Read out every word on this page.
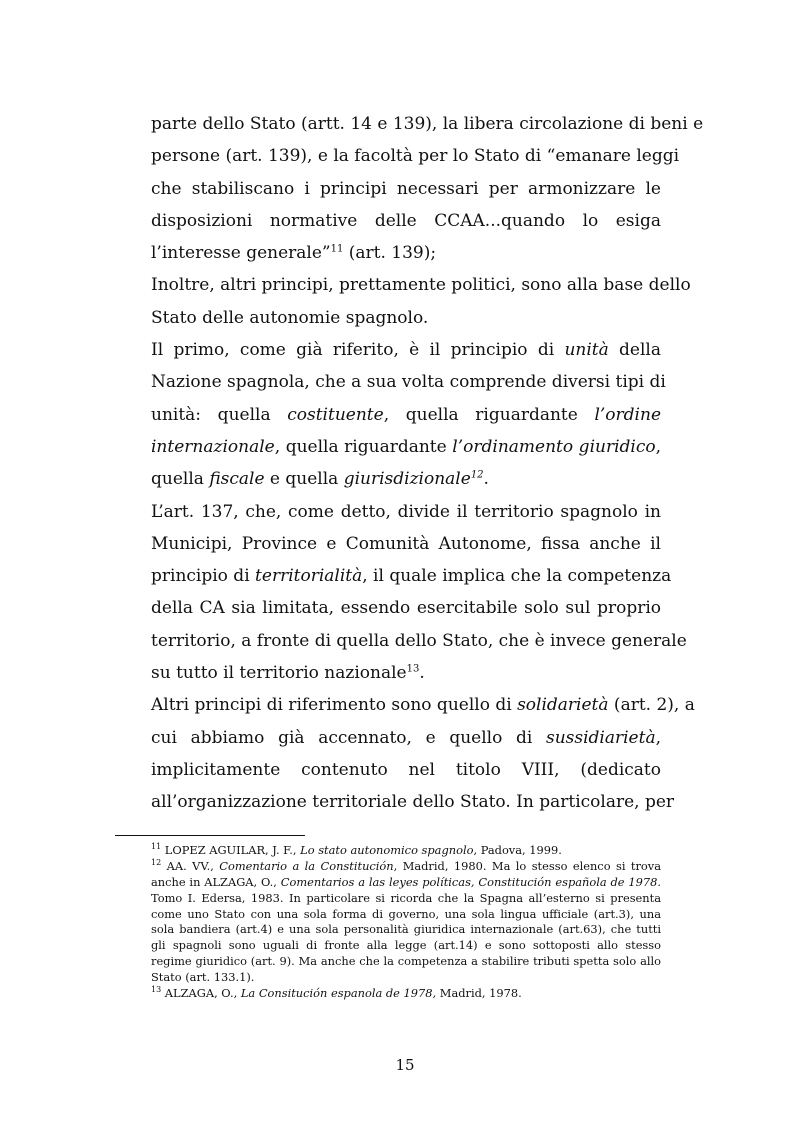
parte dello Stato (artt. 14 e 139), la libera circolazione di beni e
persone (art. 139), e la facoltà per lo Stato di “emanare leggi
che stabiliscano i principi necessari per armonizzare le
disposizioni normative delle CCAA...quando lo esiga
l’interesse generale”$^{11}$ (art. 139);
Inoltre, altri principi, prettamente politici, sono alla base dello
Stato delle autonomie spagnolo.
Il primo, come già riferito, è il principio di unità della
Nazione spagnola, che a sua volta comprende diversi tipi di
unità: quella costituente, quella riguardante l’ordine
internazionale, quella riguardante l’ordinamento giuridico,
quella fiscale e quella giurisdizionale$^{12}$.
L’art. 137, che, come detto, divide il territorio spagnolo in
Municipi, Province e Comunità Autonome, fissa anche il
principio di territorialità, il quale implica che la competenza
della CA sia limitata, essendo esercitabile solo sul proprio
territorio, a fronte di quella dello Stato, che è invece generale
su tutto il territorio nazionale$^{13}$.
Altri principi di riferimento sono quello di solidarietà (art. 2), a
cui abbiamo già accennato, e quello di sussidiarietà,
implicitamente contenuto nel titolo VIII, (dedicato
all’organizzazione territoriale dello Stato. In particolare, per
$^{11}$ LOPEZ AGUILAR, J. F., Lo stato autonomico spagnolo, Padova, 1999.
$^{12}$ AA. VV., Comentario a la Constitución, Madrid, 1980. Ma lo stesso elenco si trova
anche in ALZAGA, O., Comentarios a las leyes políticas, Constitución española de 1978.
Tomo I. Edersa, 1983. In particolare si ricorda che la Spagna all’esterno si presenta
come uno Stato con una sola forma di governo, una sola lingua ufficiale (art.3), una
sola bandiera (art.4) e una sola personalità giuridica internazionale (art.63), che tutti
gli spagnoli sono uguali di fronte alla legge (art.14) e sono sottoposti allo stesso
regime giuridico (art. 9). Ma anche che la competenza a stabilire tributi spetta solo allo
Stato (art. 133.1).
$^{13}$ ALZAGA, O., La Consitución espanola de 1978, Madrid, 1978.
15
